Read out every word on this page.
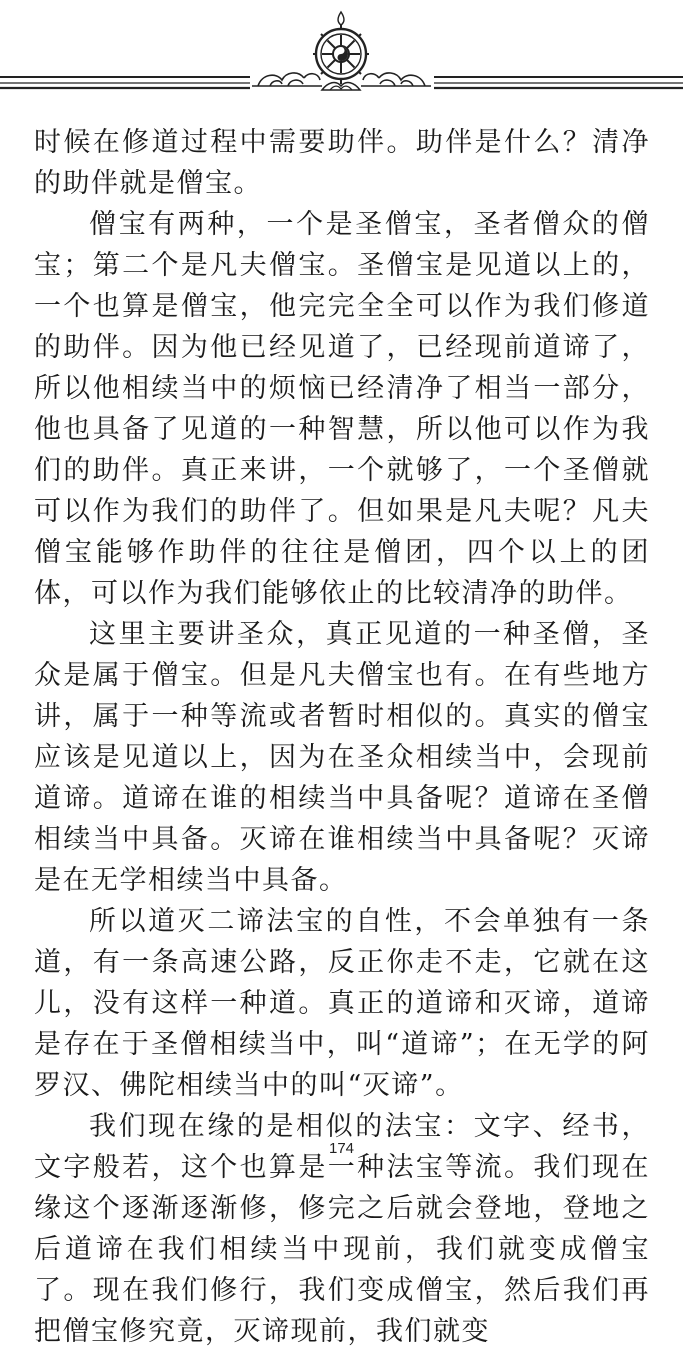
时候在修道过程中需要助伴。助伴是什么？清净的助伴就是僧宝。

僧宝有两种，一个是圣僧宝，圣者僧众的僧宝；第二个是凡夫僧宝。圣僧宝是见道以上的，一个也算是僧宝，他完完全全可以作为我们修道的助伴。因为他已经见道了，已经现前道谛了，所以他相续当中的烦恼已经清净了相当一部分，他也具备了见道的一种智慧，所以他可以作为我们的助伴。真正来讲，一个就够了，一个圣僧就可以作为我们的助伴了。但如果是凡夫呢？凡夫僧宝能够作助伴的往往是僧团，四个以上的团体，可以作为我们能够依止的比较清净的助伴。

这里主要讲圣众，真正见道的一种圣僧，圣众是属于僧宝。但是凡夫僧宝也有。在有些地方讲，属于一种等流或者暂时相似的。真实的僧宝应该是见道以上，因为在圣众相续当中，会现前道谛。道谛在谁的相续当中具备呢？道谛在圣僧相续当中具备。灭谛在谁相续当中具备呢？灭谛是在无学相续当中具备。

所以道灭二谛法宝的自性，不会单独有一条道，有一条高速公路，反正你走不走，它就在这儿，没有这样一种道。真正的道谛和灭谛，道谛是存在于圣僧相续当中，叫“道谛”；在无学的阿罗汉、佛陀相续当中的叫“灭谛”。

我们现在缘的是相似的法宝：文字、经书，文字般若，这个也算是一种法宝等流。我们现在缘这个逐渐逐渐修，修完之后就会登地，登地之后道谛在我们相续当中现前，我们就变成僧宝了。现在我们修行，我们变成僧宝，然后我们再把僧宝修究竟，灭谛现前，我们就变

174
